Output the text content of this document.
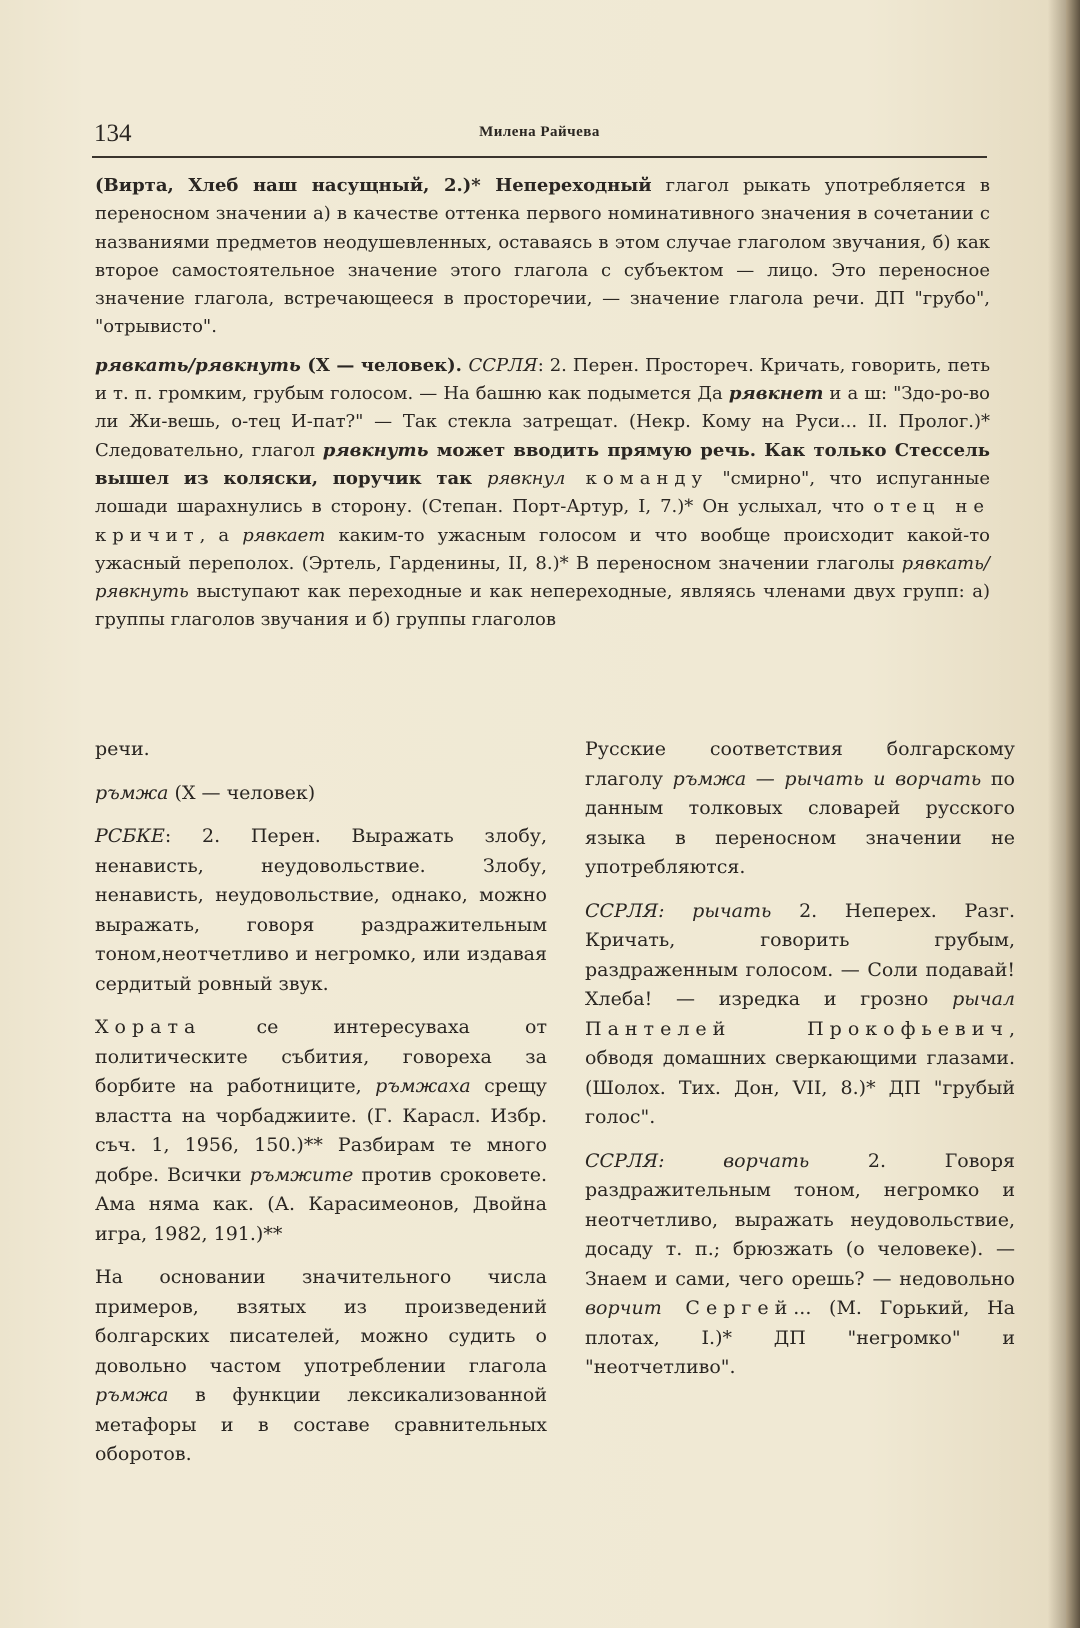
134	Милена Райчева

(Вирта, Хлеб наш насущный, 2.)* Непереходный глагол рыкать употребляется в переносном значении а) в качестве оттенка первого номинативного значения в сочетании с названиями предметов неодушевленных, оставаясь в этом случае глаголом звучания, б) как второе самостоятельное значение этого глагола с субъектом — лицо. Это переносное значение глагола, встречающееся в просторечии, — значение глагола речи. ДП "грубо", "отрывисто".

рявкать/рявкнуть (Х — человек). ССРЛЯ: 2. Перен. Простореч. Кричать, говорить, петь и т. п. громким, грубым голосом. — На башню как подымется Да рявкнет и а ш: "Здо-ро-во ли Жи-вешь, о-тец И-пат?" — Так стекла затрещат. (Некр. Кому на Руси... II. Пролог.)* Следовательно, глагол рявкнуть может вводить прямую речь. Как только Стессель вышел из коляски, поручик так рявкнул команду "смирно", что испуганные лошади шарахнулись в сторону. (Степан. Порт-Артур, I, 7.)* Он услыхал, что отец не кричит, а рявкает каким-то ужасным голосом и что вообще происходит какой-то ужасный переполох. (Эртель, Гарденины, II, 8.)* В переносном значении глаголы рявкать/рявкнуть выступают как переходные и как непереходные, являясь членами двух групп: а) группы глаголов звучания и б) группы глаголов

речи.

ръмжа (Х — человек)

РСБКЕ: 2. Перен. Выражать злобу, ненависть, неудовольствие. Злобу, ненависть, неудовольствие, однако, можно выражать, говоря раздражительным тоном,неотчетливо и негромко, или издавая сердитый ровный звук.

Хората се интересуваха от политическите събития, говореха за борбите на работниците, ръмжаха срещу властта на чорбаджиите. (Г. Карасл. Избр. съч. 1, 1956, 150.)** Разбирам те много добре. Всички ръмжите против сроковете. Ама няма как. (А. Карасимеонов, Двойна игра, 1982, 191.)**

На основании значительного числа примеров, взятых из произведений болгарских писателей, можно судить о довольно частом употреблении глагола ръмжа в функции лексикализованной метафоры и в составе сравнительных оборотов.

Русские соответствия болгарскому глаголу ръмжа — рычать и ворчать по данным толковых словарей русского языка в переносном значении не употребляются.

ССРЛЯ: рычать 2. Неперех. Разг. Кричать, говорить грубым, раздраженным голосом. — Соли подавай! Хлеба! — изредка и грозно рычал Пантелей Прокофьевич, обводя домашних сверкающими глазами. (Шолох. Тих. Дон, VII, 8.)* ДП "грубый голос".

ССРЛЯ: ворчать 2. Говоря раздражительным тоном, негромко и неотчетливо, выражать неудовольствие, досаду т. п.; брюзжать (о человеке). — Знаем и сами, чего орешь? — недовольно ворчит Сергей... (М. Горький, На плотах, I.)* ДП "негромко" и "неотчетливо".
